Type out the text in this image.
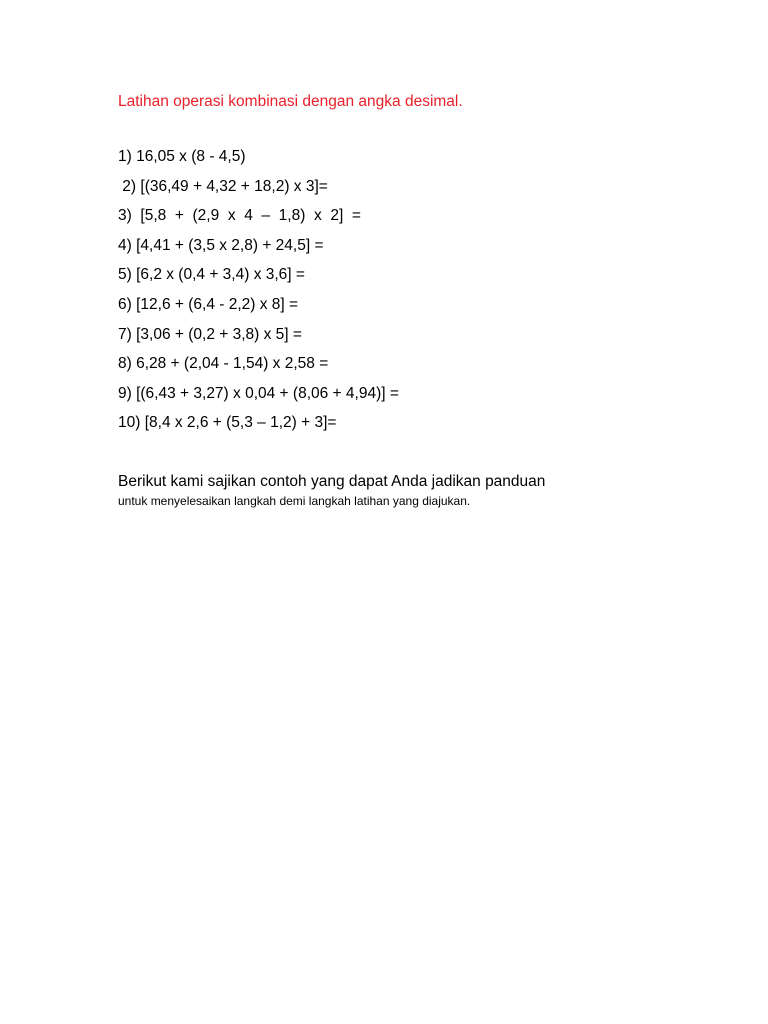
Latihan operasi kombinasi dengan angka desimal.
1) 16,05 x (8 - 4,5)
2) [(36,49 + 4,32 + 18,2) x 3]=
3)  [5,8  +  (2,9  x  4  –  1,8)  x  2]  =
4) [4,41 + (3,5 x 2,8) + 24,5] =
5) [6,2 x (0,4 + 3,4) x 3,6] =
6) [12,6 + (6,4 - 2,2) x 8] =
7) [3,06 + (0,2 + 3,8) x 5] =
8) 6,28 + (2,04 - 1,54) x 2,58 =
9) [(6,43 + 3,27) x 0,04 + (8,06 + 4,94)] =
10) [8,4 x 2,6 + (5,3 – 1,2) + 3]=
Berikut kami sajikan contoh yang dapat Anda jadikan panduan
untuk menyelesaikan langkah demi langkah latihan yang diajukan.
